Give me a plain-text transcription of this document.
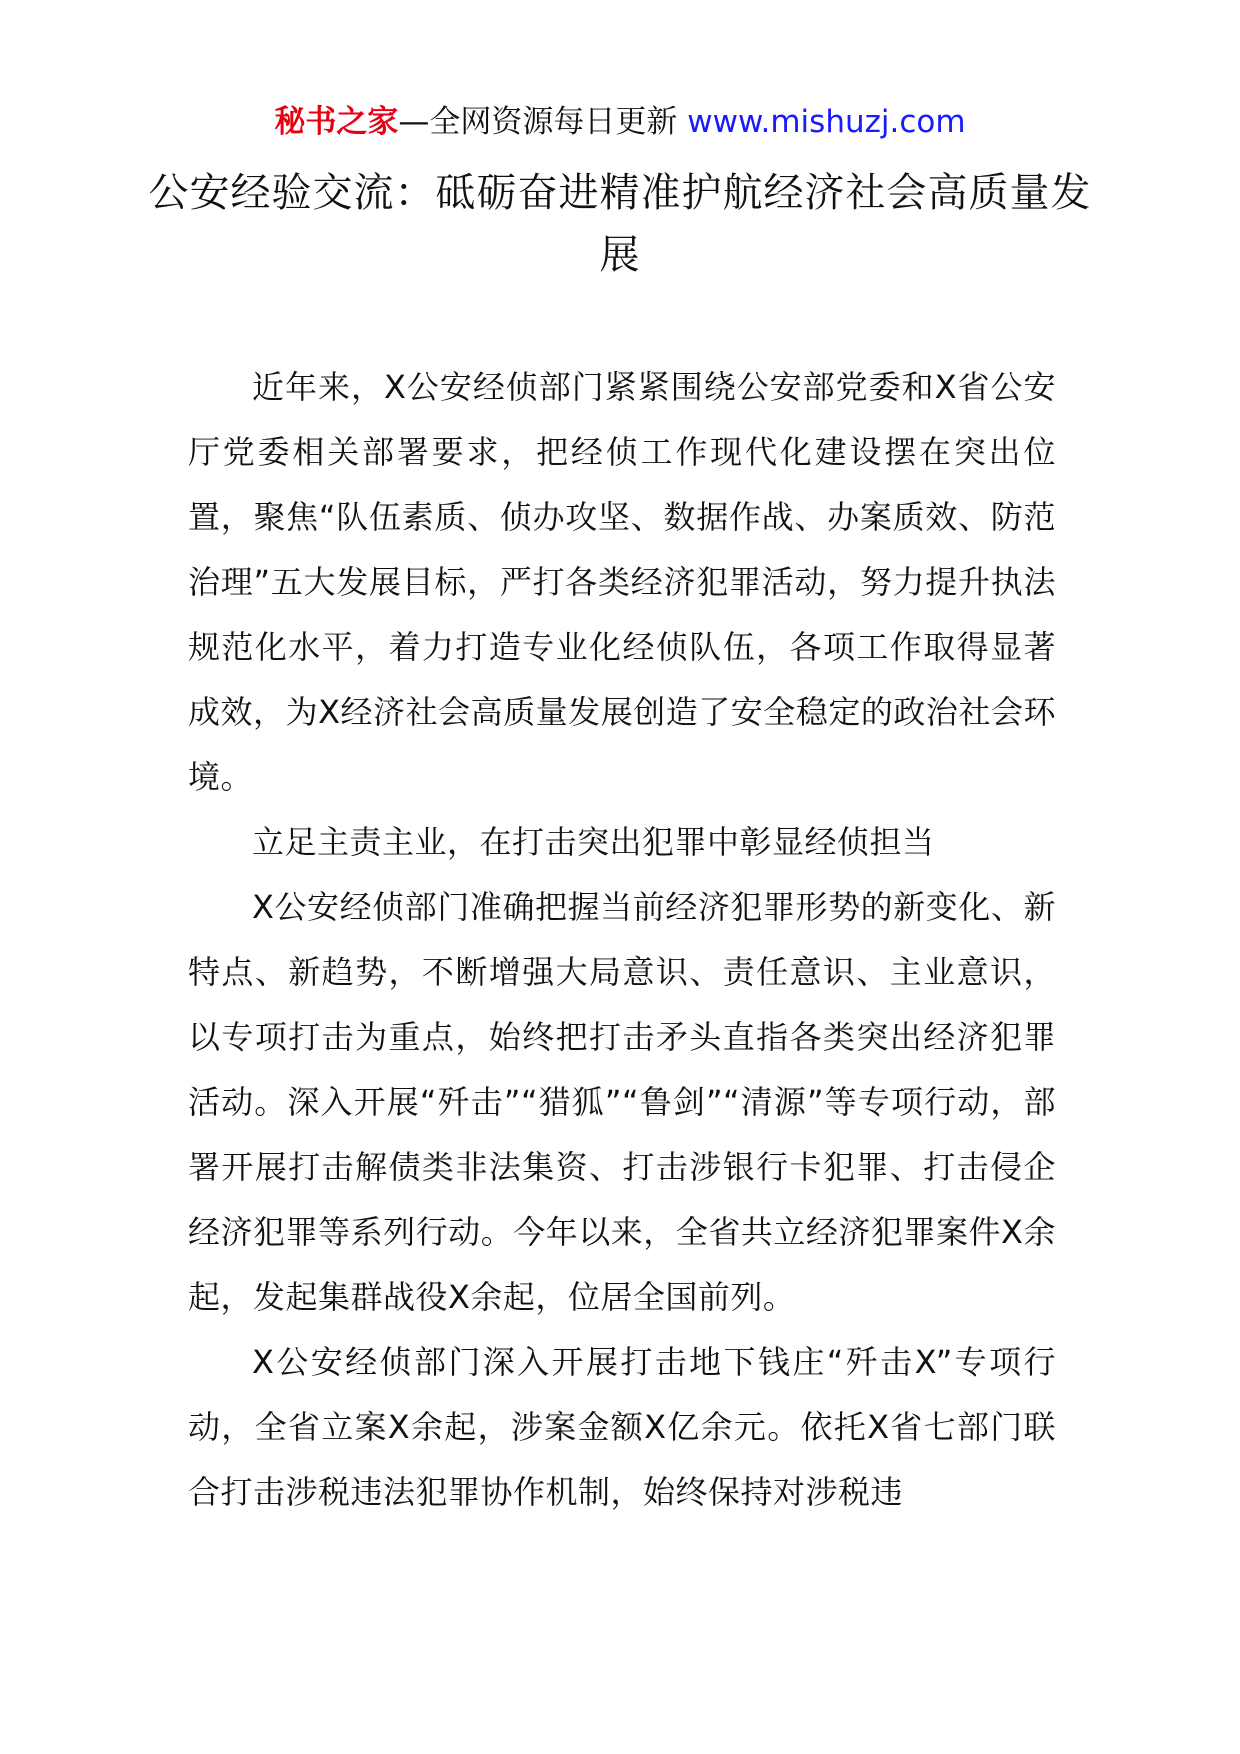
秘书之家—全网资源每日更新 www.mishuzj.com
公安经验交流：砥砺奋进精准护航经济社会高质量发展

近年来，X公安经侦部门紧紧围绕公安部党委和X省公安厅党委相关部署要求，把经侦工作现代化建设摆在突出位置，聚焦“队伍素质、侦办攻坚、数据作战、办案质效、防范治理”五大发展目标，严打各类经济犯罪活动，努力提升执法规范化水平，着力打造专业化经侦队伍，各项工作取得显著成效，为X经济社会高质量发展创造了安全稳定的政治社会环境。

立足主责主业，在打击突出犯罪中彰显经侦担当

X公安经侦部门准确把握当前经济犯罪形势的新变化、新特点、新趋势，不断增强大局意识、责任意识、主业意识，以专项打击为重点，始终把打击矛头直指各类突出经济犯罪活动。深入开展“歼击”“猎狐”“鲁剑”“清源”等专项行动，部署开展打击解债类非法集资、打击涉银行卡犯罪、打击侵企经济犯罪等系列行动。今年以来，全省共立经济犯罪案件X余起，发起集群战役X余起，位居全国前列。

X公安经侦部门深入开展打击地下钱庄“歼击X”专项行动，全省立案X余起，涉案金额X亿余元。依托X省七部门联合打击涉税违法犯罪协作机制，始终保持对涉税违
